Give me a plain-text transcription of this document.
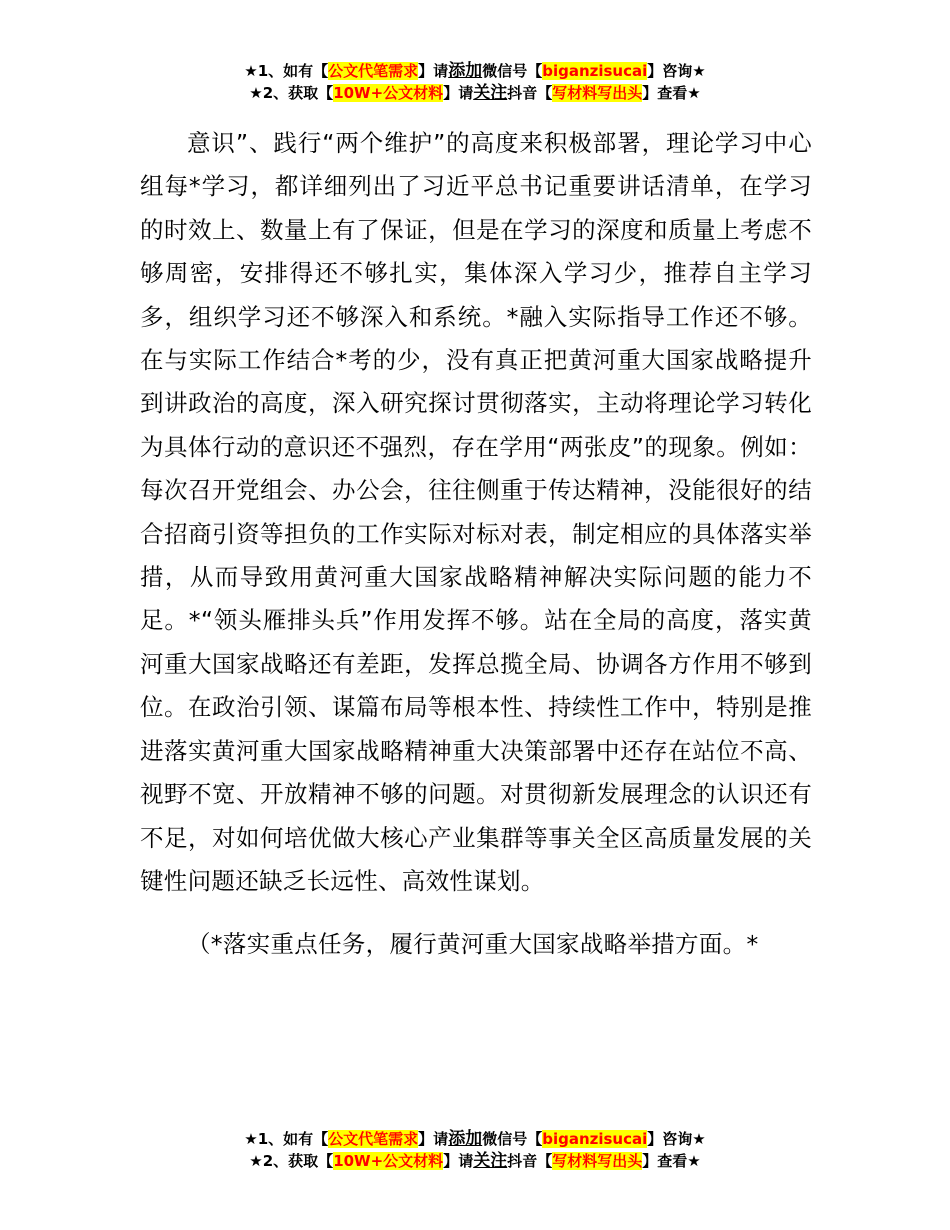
★1、如有【公文代笔需求】请添加微信号【biganzisucai】咨询★
★2、获取【10W+公文材料】请关注抖音【写材料写出头】查看★

意识”、践行“两个维护”的高度来积极部署，理论学习中心组每*学习，都详细列出了习近平总书记重要讲话清单，在学习的时效上、数量上有了保证，但是在学习的深度和质量上考虑不够周密，安排得还不够扎实，集体深入学习少，推荐自主学习多，组织学习还不够深入和系统。*融入实际指导工作还不够。在与实际工作结合*考的少，没有真正把黄河重大国家战略提升到讲政治的高度，深入研究探讨贯彻落实，主动将理论学习转化为具体行动的意识还不强烈，存在学用“两张皮”的现象。例如：每次召开党组会、办公会，往往侧重于传达精神，没能很好的结合招商引资等担负的工作实际对标对表，制定相应的具体落实举措，从而导致用黄河重大国家战略精神解决实际问题的能力不足。*“领头雁排头兵”作用发挥不够。站在全局的高度，落实黄河重大国家战略还有差距，发挥总揽全局、协调各方作用不够到位。在政治引领、谋篇布局等根本性、持续性工作中，特别是推进落实黄河重大国家战略精神重大决策部署中还存在站位不高、视野不宽、开放精神不够的问题。对贯彻新发展理念的认识还有不足，对如何培优做大核心产业集群等事关全区高质量发展的关键性问题还缺乏长远性、高效性谋划。

（*落实重点任务，履行黄河重大国家战略举措方面。*

★1、如有【公文代笔需求】请添加微信号【biganzisucai】咨询★
★2、获取【10W+公文材料】请关注抖音【写材料写出头】查看★
